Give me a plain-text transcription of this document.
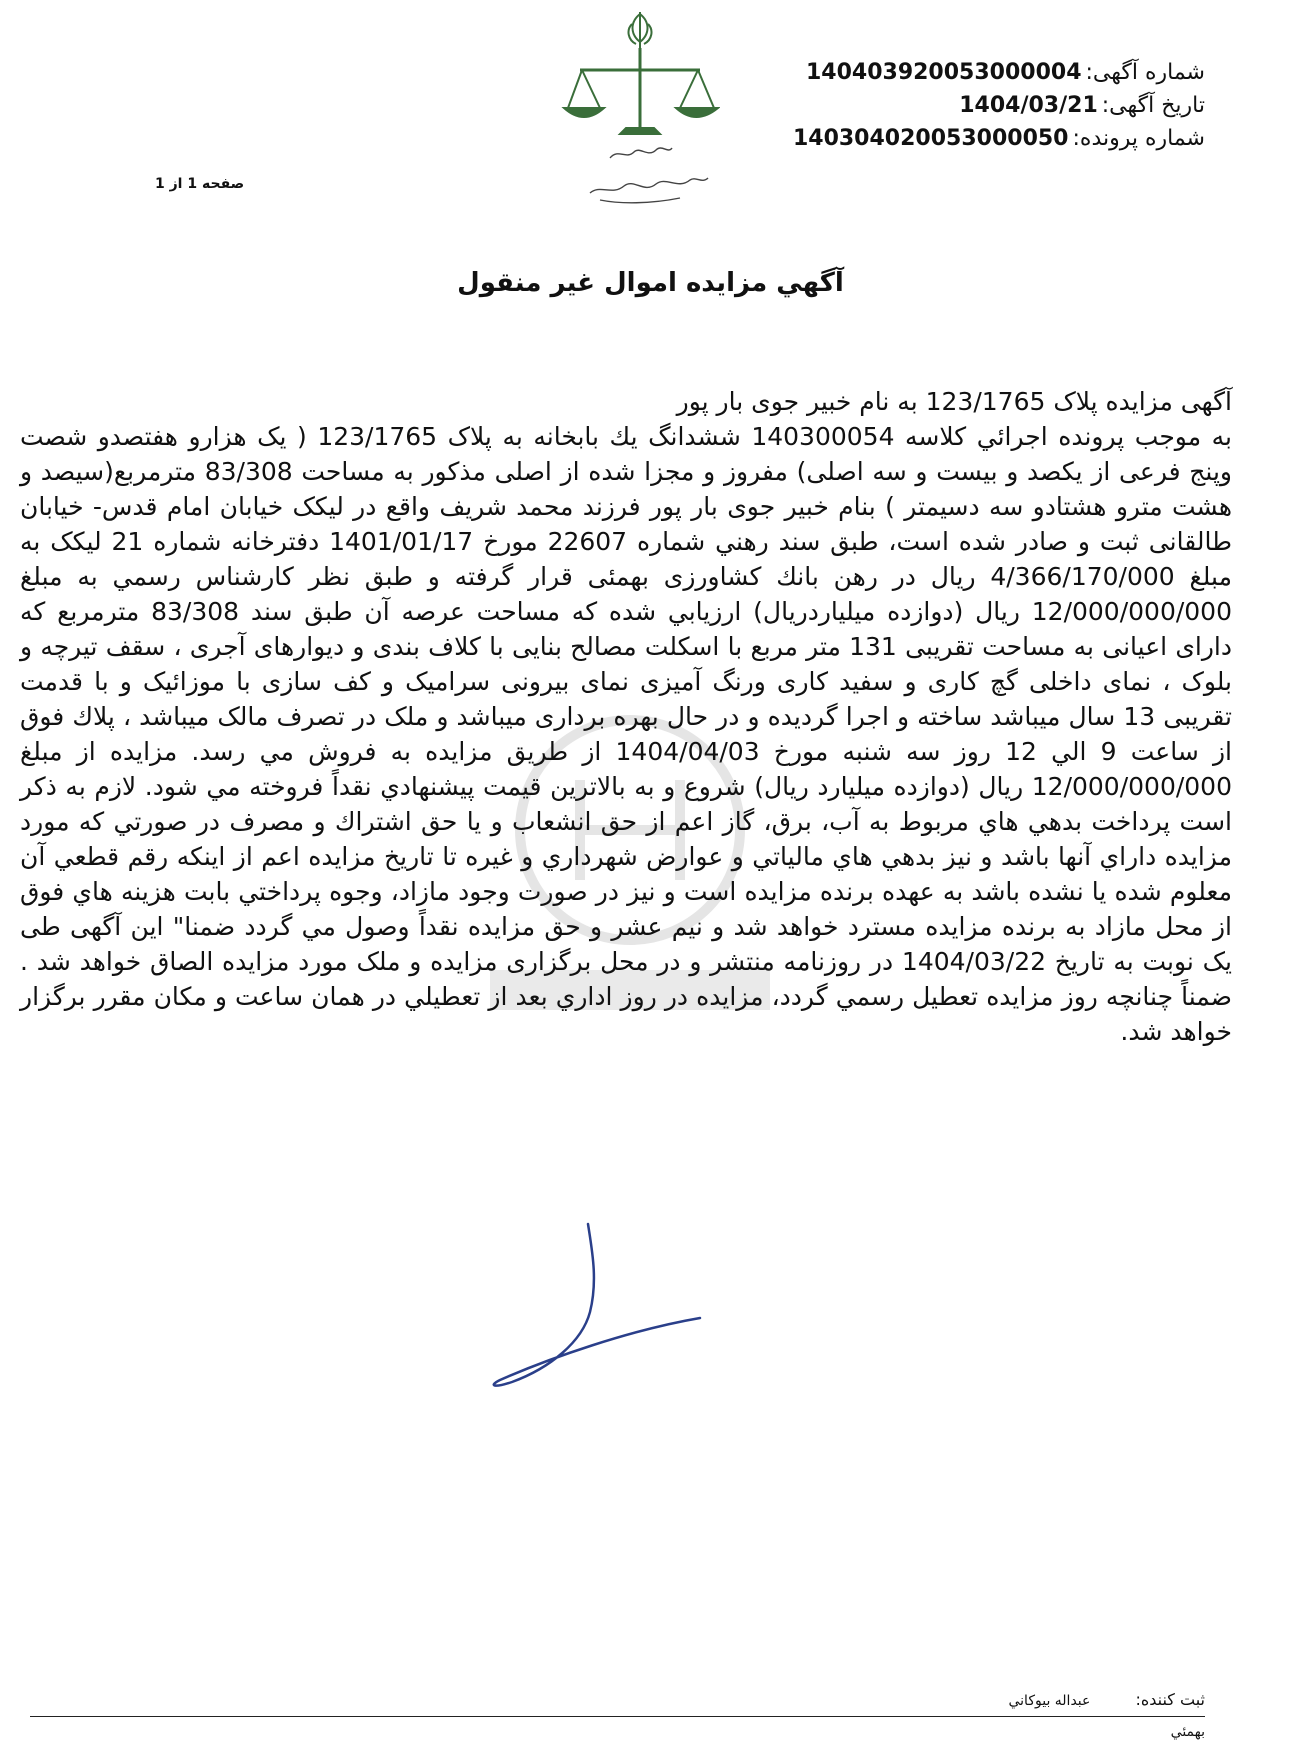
شماره آگهی:140403920053000004
تاریخ آگهی:1404/03/21
شماره پرونده:140304020053000050
صفحه 1 از 1
آگهي مزايده اموال غير منقول

آگهی مزایده پلاک 123/1765 به نام خبیر جوی بار پور

به موجب پرونده اجرائي كلاسه 140300054 ششدانگ يك بابخانه به پلاک 123/1765 ( یک هزارو هفتصدو شصت وپنج فرعی از یکصد و بیست و سه اصلی) مفروز و مجزا شده از اصلی مذکور به مساحت 83/308 مترمربع(سیصد و هشت مترو هشتادو سه دسیمتر ) بنام خبیر جوی بار پور فرزند محمد شریف واقع در لیکک خیابان امام قدس- خیابان طالقانی ثبت و صادر شده است، طبق سند رهني شماره 22607 مورخ 1401/01/17 دفترخانه شماره 21 لیکک به مبلغ 4/366/170/000 ريال در رهن بانك كشاورزی بهمئی قرار گرفته و طبق نظر كارشناس رسمي به مبلغ 12/000/000/000 ريال (دوازده میلیاردریال) ارزيابي شده كه مساحت عرصه آن طبق سند 83/308 مترمربع که دارای اعیانی به مساحت تقریبی 131 متر مربع با اسکلت مصالح بنایی با کلاف بندی و دیوارهای آجری ، سقف تیرچه و بلوک ، نمای داخلی گچ کاری و سفید کاری ورنگ آمیزی نمای بیرونی سرامیک و کف سازی با موزائیک و با قدمت تقریبی 13 سال میباشد ساخته و اجرا گردیده و در حال بهره برداری میباشد و ملک در تصرف مالک میباشد ، پلاك فوق از ساعت 9 الي 12 روز سه شنبه مورخ 1404/04/03 از طريق مزايده به فروش مي رسد. مزايده از مبلغ 12/000/000/000 ريال (دوازده میلیارد ریال) شروع و به بالاترين قيمت پيشنهادي نقداً فروخته مي شود. لازم به ذكر است پرداخت بدهي هاي مربوط به آب، برق، گاز اعم از حق انشعاب و يا حق اشتراك و مصرف در صورتي كه مورد مزايده داراي آنها باشد و نيز بدهي هاي مالياتي و عوارض شهرداري و غيره تا تاريخ مزايده اعم از اينكه رقم قطعي آن معلوم شده يا نشده باشد به عهده برنده مزايده است و نيز در صورت وجود مازاد، وجوه پرداختي بابت هزينه هاي فوق از محل مازاد به برنده مزايده مسترد خواهد شد و نيم عشر و حق مزايده نقداً وصول مي گردد ضمنا" این آگهی طی یک نوبت به تاریخ 1404/03/22 در روزنامه منتشر و در محل برگزاری مزایده و ملک مورد مزایده الصاق خواهد شد . ضمناً چنانچه روز مزايده تعطيل رسمي گردد، مزايده در روز اداري بعد از تعطيلي در همان ساعت و مكان مقرر برگزار خواهد شد.

ثبت كننده: عبداله بيوكاني
بهمئي
